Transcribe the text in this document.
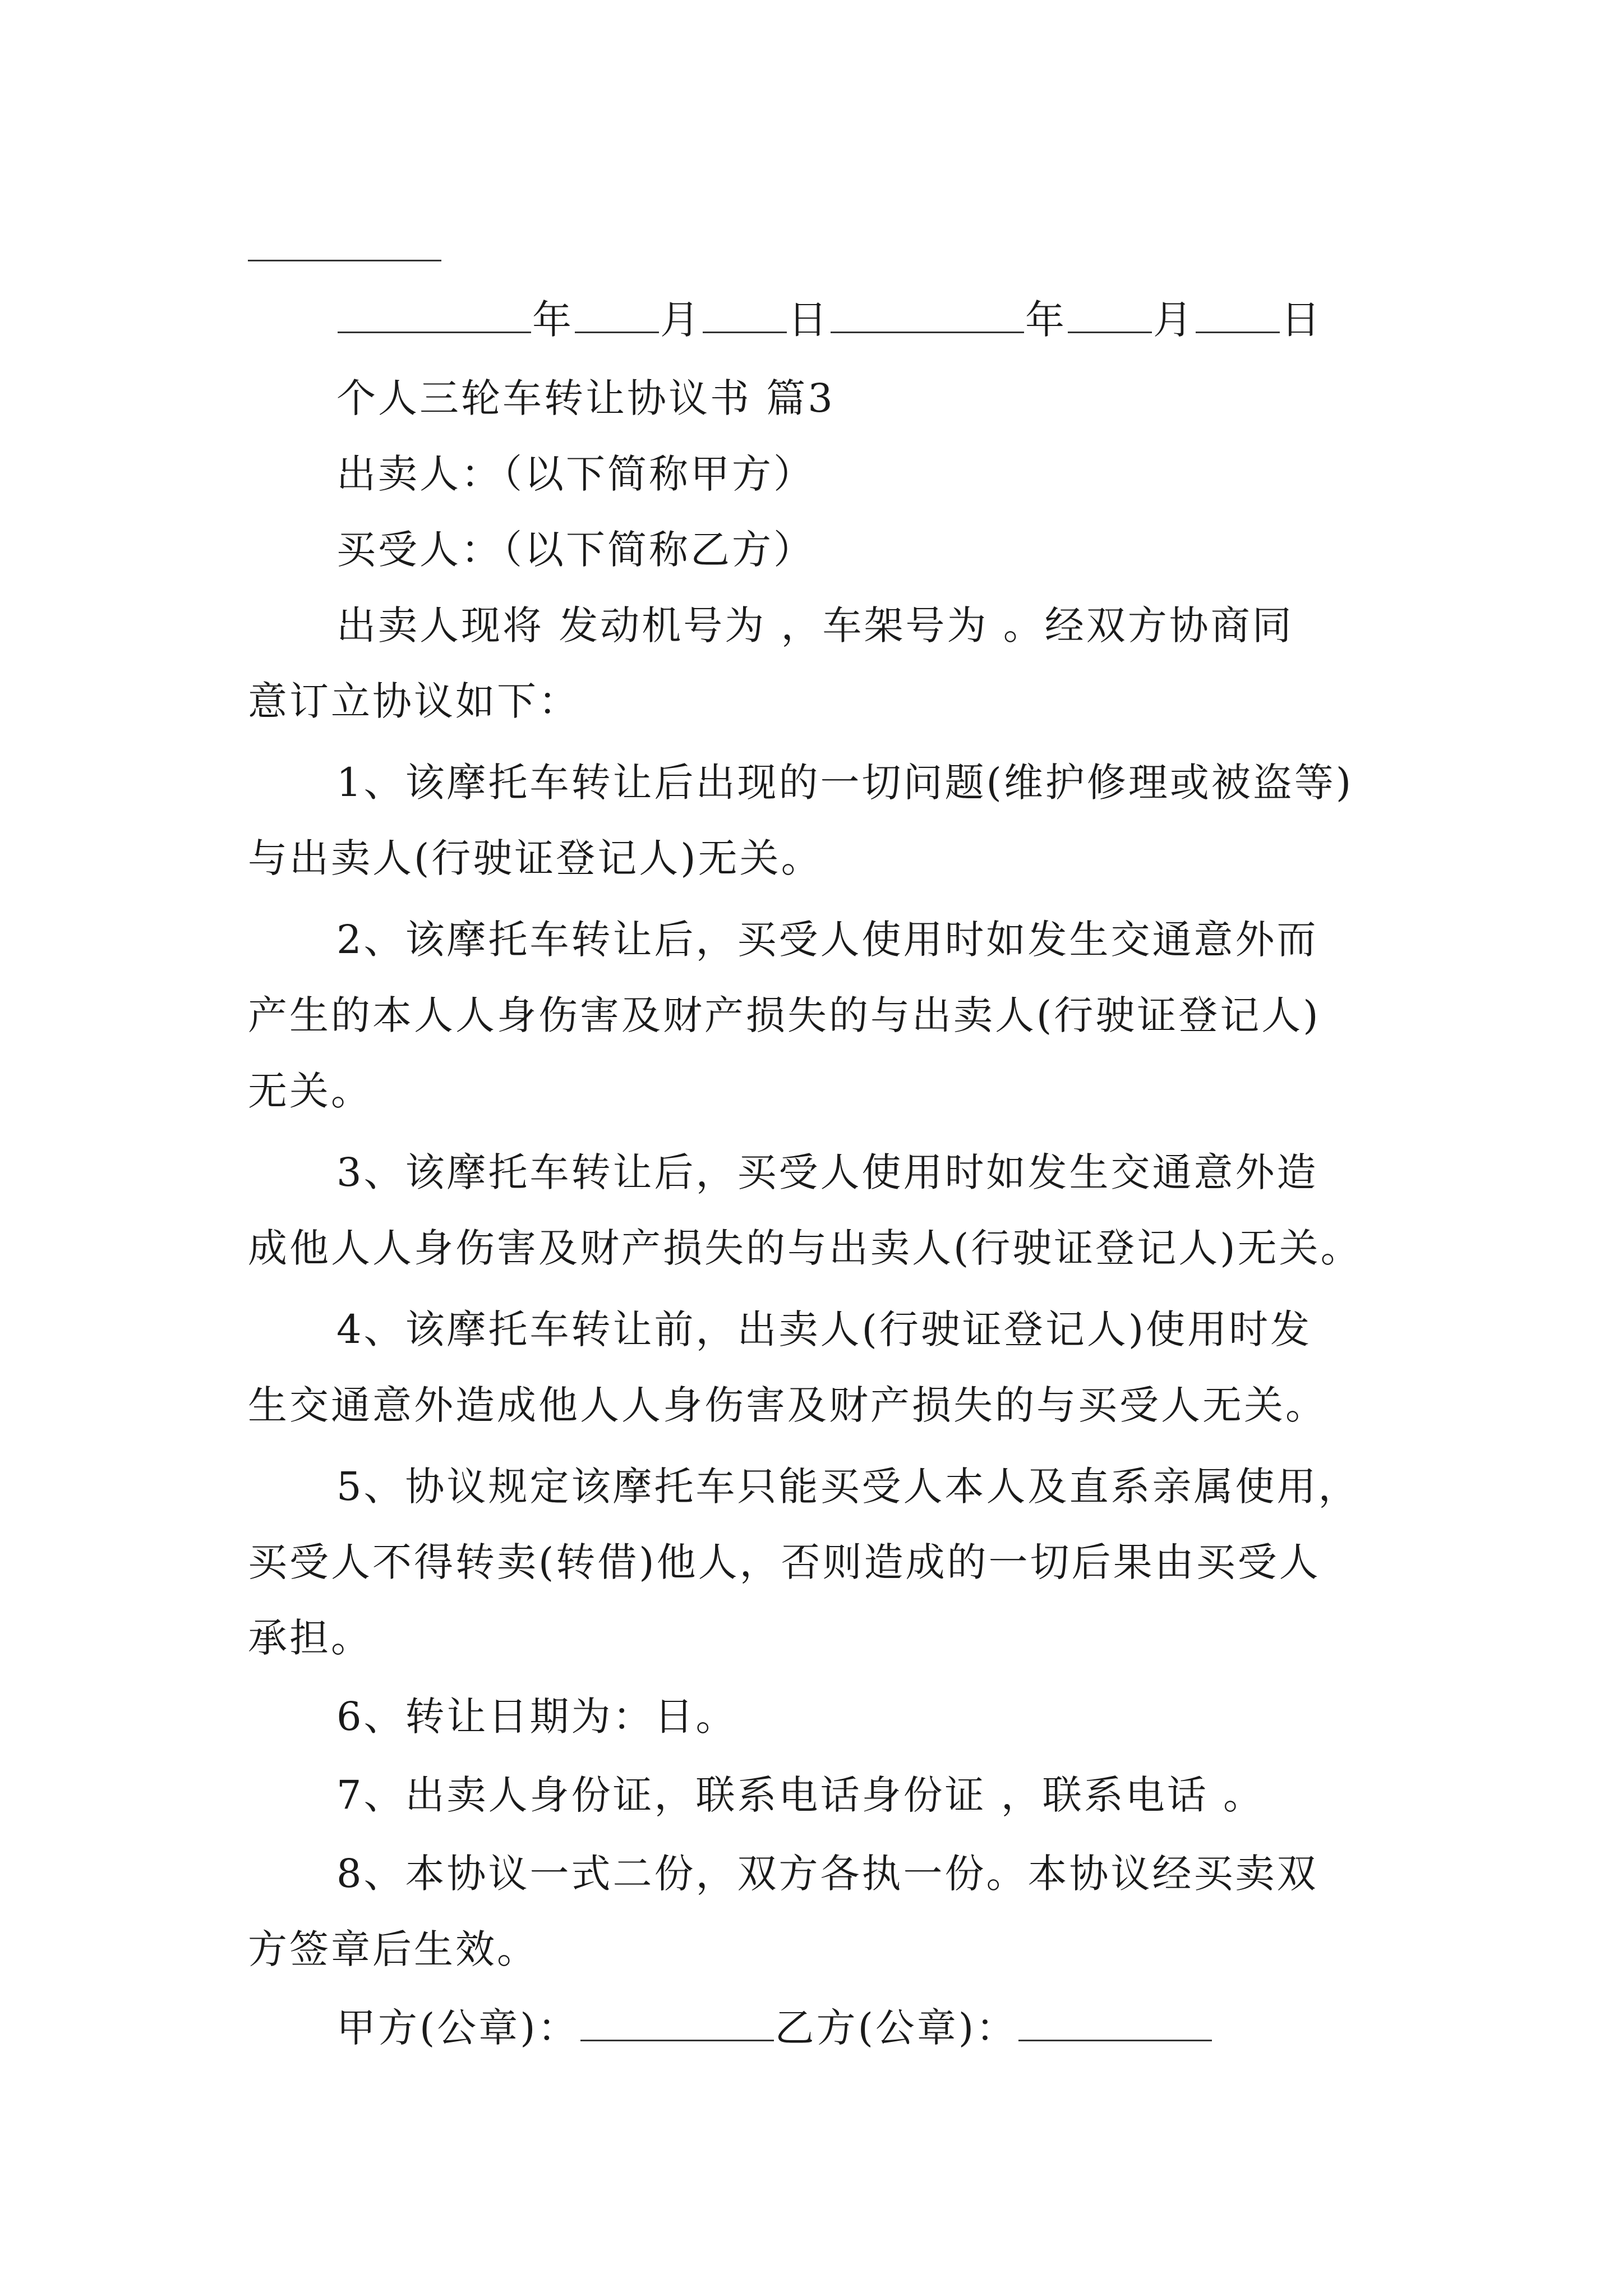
年 月 日	年 月 日
个人三轮车转让协议书 篇3
出卖人：（以下简称甲方）
买受人：（以下简称乙方）
出卖人现将 发动机号为 ，车架号为 。经双方协商同
意订立协议如下：
1、该摩托车转让后出现的一切问题(维护修理或被盗等)
与出卖人(行驶证登记人)无关。
2、该摩托车转让后，买受人使用时如发生交通意外而
产生的本人人身伤害及财产损失的与出卖人(行驶证登记人)
无关。
3、该摩托车转让后，买受人使用时如发生交通意外造
成他人人身伤害及财产损失的与出卖人(行驶证登记人)无关。
4、该摩托车转让前，出卖人(行驶证登记人)使用时发
生交通意外造成他人人身伤害及财产损失的与买受人无关。
5、协议规定该摩托车只能买受人本人及直系亲属使用，
买受人不得转卖(转借)他人，否则造成的一切后果由买受人
承担。
6、转让日期为：日。
7、出卖人身份证，联系电话身份证 ，联系电话 。
8、本协议一式二份，双方各执一份。本协议经买卖双
方签章后生效。
甲方(公章)：	乙方(公章)：
